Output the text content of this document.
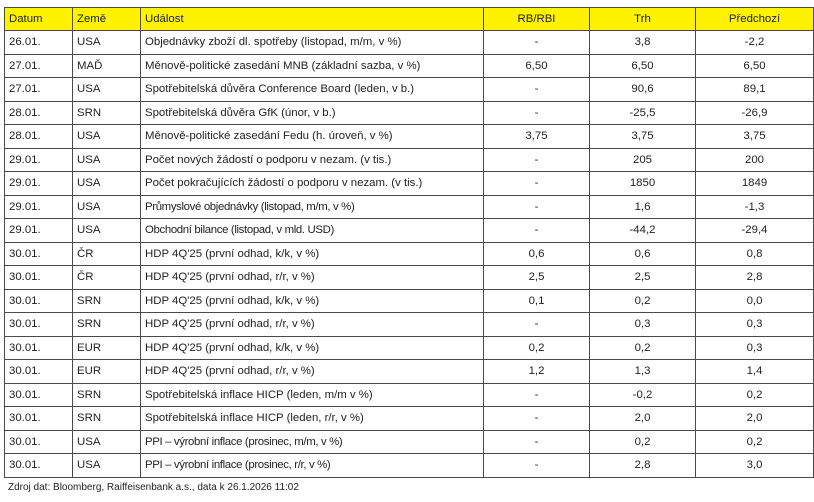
Datum	Země	Událost	RB/RBI	Trh	Předchozí
26.01.	USA	Objednávky zboží dl. spotřeby (listopad, m/m, v %)	-	3,8	-2,2
27.01.	MAĎ	Měnově-politické zasedání MNB (základní sazba, v %)	6,50	6,50	6,50
27.01.	USA	Spotřebitelská důvěra Conference Board (leden, v b.)	-	90,6	89,1
28.01.	SRN	Spotřebitelská důvěra GfK (únor, v b.)	-	-25,5	-26,9
28.01.	USA	Měnově-politické zasedání Fedu (h. úroveň, v %)	3,75	3,75	3,75
29.01.	USA	Počet nových žádostí o podporu v nezam. (v tis.)	-	205	200
29.01.	USA	Počet pokračujících žádostí o podporu v nezam. (v tis.)	-	1850	1849
29.01.	USA	Průmyslové objednávky (listopad, m/m, v %)	-	1,6	-1,3
29.01.	USA	Obchodní bilance (listopad, v mld. USD)	-	-44,2	-29,4
30.01.	ČR	HDP 4Q'25 (první odhad, k/k, v %)	0,6	0,6	0,8
30.01.	ČR	HDP 4Q'25 (první odhad, r/r, v %)	2,5	2,5	2,8
30.01.	SRN	HDP 4Q'25 (první odhad, k/k, v %)	0,1	0,2	0,0
30.01.	SRN	HDP 4Q'25 (první odhad, r/r, v %)	-	0,3	0,3
30.01.	EUR	HDP 4Q'25 (první odhad, k/k, v %)	0,2	0,2	0,3
30.01.	EUR	HDP 4Q'25 (první odhad, r/r, v %)	1,2	1,3	1,4
30.01.	SRN	Spotřebitelská inflace HICP (leden, m/m v %)	-	-0,2	0,2
30.01.	SRN	Spotřebitelská inflace HICP (leden, r/r, v %)	-	2,0	2,0
30.01.	USA	PPI – výrobní inflace (prosinec, m/m, v %)	-	0,2	0,2
30.01.	USA	PPI – výrobní inflace (prosinec, r/r, v %)	-	2,8	3,0
Zdroj dat: Bloomberg, Raiffeisenbank a.s., data k 26.1.2026 11:02
